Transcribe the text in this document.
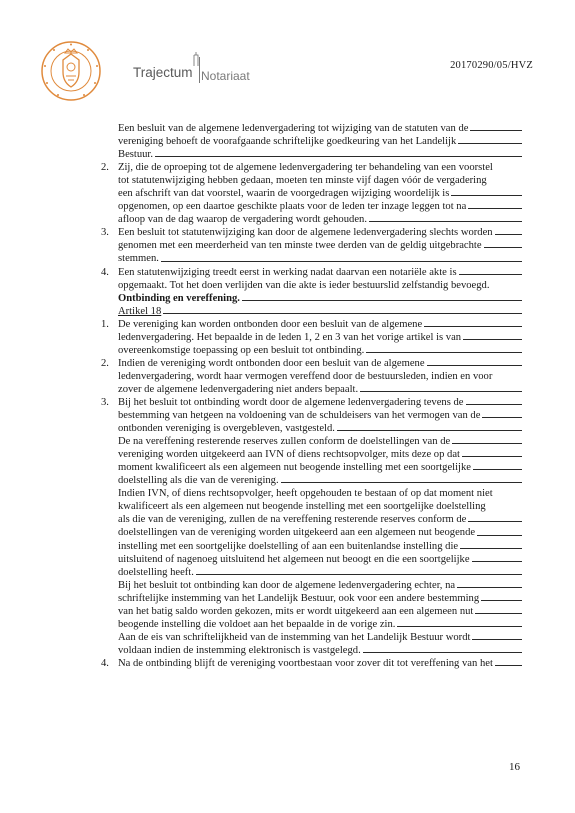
Trajectum Notariaat
20170290/05/HVZ
Een besluit van de algemene ledenvergadering tot wijziging van de statuten van de
vereniging behoeft de voorafgaande schriftelijke goedkeuring van het Landelijk
Bestuur.
2. Zij, die de oproeping tot de algemene ledenvergadering ter behandeling van een voorstel
tot statutenwijziging hebben gedaan, moeten ten minste vijf dagen vóór de vergadering
een afschrift van dat voorstel, waarin de voorgedragen wijziging woordelijk is
opgenomen, op een daartoe geschikte plaats voor de leden ter inzage leggen tot na
afloop van de dag waarop de vergadering wordt gehouden.
3. Een besluit tot statutenwijziging kan door de algemene ledenvergadering slechts worden
genomen met een meerderheid van ten minste twee derden van de geldig uitgebrachte
stemmen.
4. Een statutenwijziging treedt eerst in werking nadat daarvan een notariële akte is
opgemaakt. Tot het doen verlijden van die akte is ieder bestuurslid zelfstandig bevoegd.
Ontbinding en vereffening.
Artikel 18
1. De vereniging kan worden ontbonden door een besluit van de algemene
ledenvergadering. Het bepaalde in de leden 1, 2 en 3 van het vorige artikel is van
overeenkomstige toepassing op een besluit tot ontbinding.
2. Indien de vereniging wordt ontbonden door een besluit van de algemene
ledenvergadering, wordt haar vermogen vereffend door de bestuursleden, indien en voor
zover de algemene ledenvergadering niet anders bepaalt.
3. Bij het besluit tot ontbinding wordt door de algemene ledenvergadering tevens de
bestemming van hetgeen na voldoening van de schuldeisers van het vermogen van de
ontbonden vereniging is overgebleven, vastgesteld.
De na vereffening resterende reserves zullen conform de doelstellingen van de
vereniging worden uitgekeerd aan IVN of diens rechtsopvolger, mits deze op dat
moment kwalificeert als een algemeen nut beogende instelling met een soortgelijke
doelstelling als die van de vereniging.
Indien IVN, of diens rechtsopvolger, heeft opgehouden te bestaan of op dat moment niet
kwalificeert als een algemeen nut beogende instelling met een soortgelijke doelstelling
als die van de vereniging, zullen de na vereffening resterende reserves conform de
doelstellingen van de vereniging worden uitgekeerd aan een algemeen nut beogende
instelling met een soortgelijke doelstelling of aan een buitenlandse instelling die
uitsluitend of nagenoeg uitsluitend het algemeen nut beoogt en die een soortgelijke
doelstelling heeft.
Bij het besluit tot ontbinding kan door de algemene ledenvergadering echter, na
schriftelijke instemming van het Landelijk Bestuur, ook voor een andere bestemming
van het batig saldo worden gekozen, mits er wordt uitgekeerd aan een algemeen nut
beogende instelling die voldoet aan het bepaalde in de vorige zin.
Aan de eis van schriftelijkheid van de instemming van het Landelijk Bestuur wordt
voldaan indien de instemming elektronisch is vastgelegd.
4. Na de ontbinding blijft de vereniging voortbestaan voor zover dit tot vereffening van het
16
